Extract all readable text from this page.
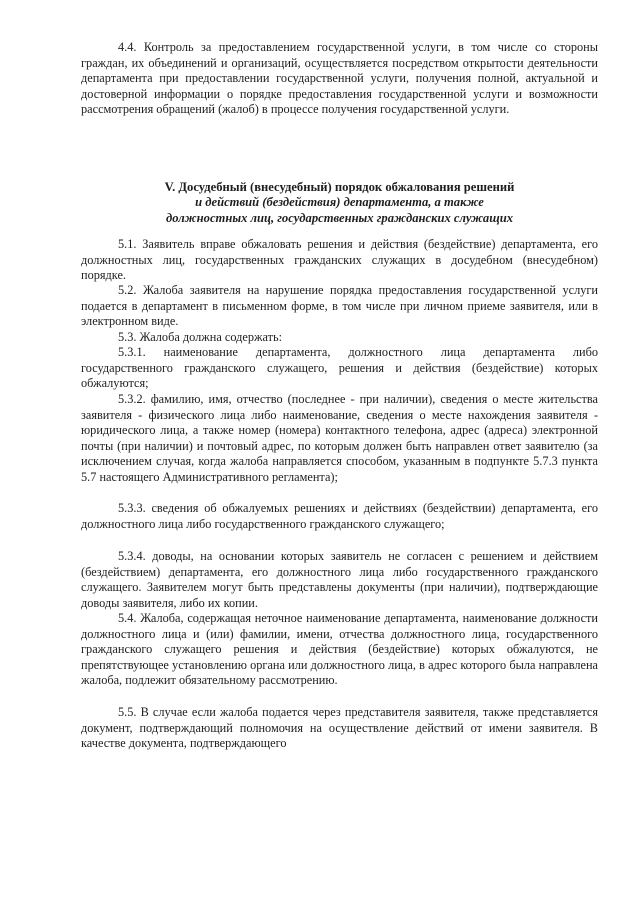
4.4. Контроль за предоставлением государственной услуги, в том числе со стороны граждан, их объединений и организаций, осуществляется посредством открытости деятельности департамента при предоставлении государственной услуги, получения полной, актуальной и достоверной информации о порядке предоставления государственной услуги и возможности рассмотрения обращений (жалоб) в процессе получения государственной услуги.

V. Досудебный (внесудебный) порядок обжалования решений
и действий (бездействия) департамента, а также
должностных лиц, государственных гражданских служащих

5.1. Заявитель вправе обжаловать решения и действия (бездействие) департамента, его должностных лиц, государственных гражданских служащих в досудебном (внесудебном) порядке.

5.2. Жалоба заявителя на нарушение порядка предоставления государственной услуги подается в департамент в письменном форме, в том числе при личном приеме заявителя, или в электронном виде.

5.3. Жалоба должна содержать:

5.3.1. наименование департамента, должностного лица департамента либо государственного гражданского служащего, решения и действия (бездействие) которых обжалуются;

5.3.2. фамилию, имя, отчество (последнее - при наличии), сведения о месте жительства заявителя - физического лица либо наименование, сведения о месте нахождения заявителя - юридического лица, а также номер (номера) контактного телефона, адрес (адреса) электронной почты (при наличии) и почтовый адрес, по которым должен быть направлен ответ заявителю (за исключением случая, когда жалоба направляется способом, указанным в подпункте 5.7.3 пункта 5.7 настоящего Административного регламента);

5.3.3. сведения об обжалуемых решениях и действиях (бездействии) департамента, его должностного лица либо государственного гражданского служащего;

5.3.4. доводы, на основании которых заявитель не согласен с решением и действием (бездействием) департамента, его должностного лица либо государственного гражданского служащего. Заявителем могут быть представлены документы (при наличии), подтверждающие доводы заявителя, либо их копии.

5.4. Жалоба, содержащая неточное наименование департамента, наименование должности должностного лица и (или) фамилии, имени, отчества должностного лица, государственного гражданского служащего решения и действия (бездействие) которых обжалуются, не препятствующее установлению органа или должностного лица, в адрес которого была направлена жалоба, подлежит обязательному рассмотрению.

5.5. В случае если жалоба подается через представителя заявителя, также представляется документ, подтверждающий полномочия на осуществление действий от имени заявителя. В качестве документа, подтверждающего
